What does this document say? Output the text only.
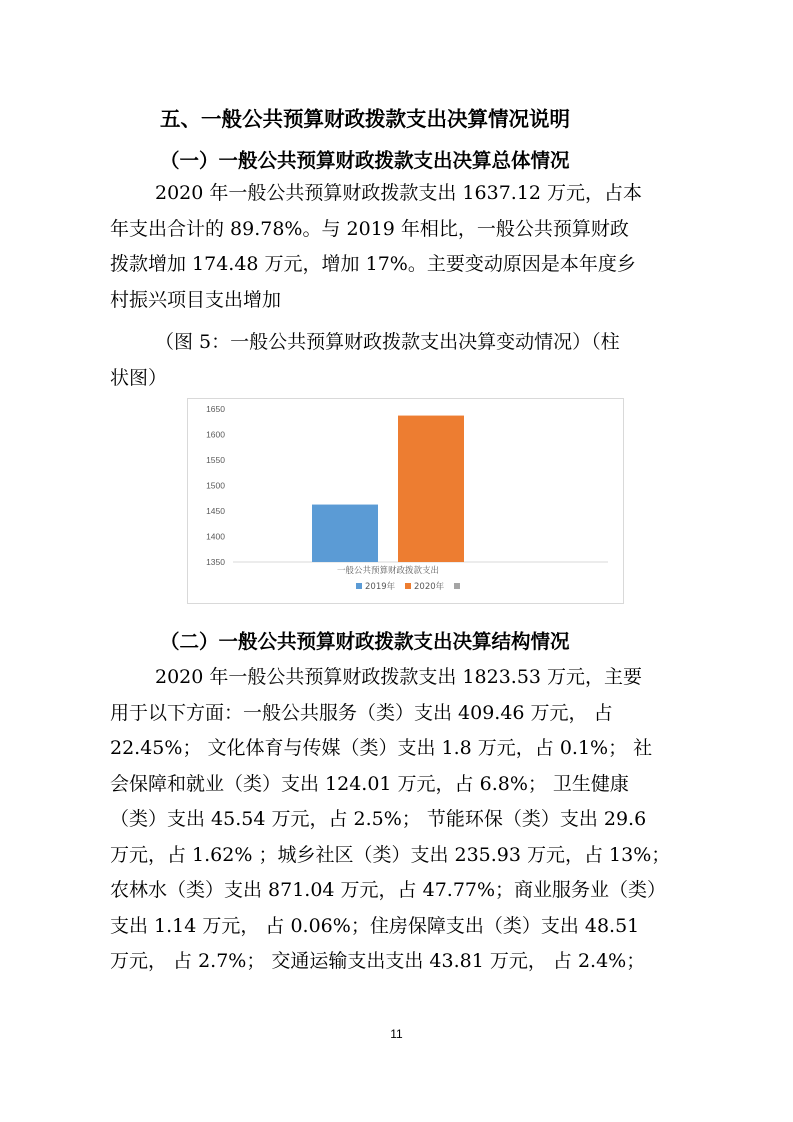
五、一般公共预算财政拨款支出决算情况说明
（一）一般公共预算财政拨款支出决算总体情况
2020 年一般公共预算财政拨款支出 1637.12 万元，占本
年支出合计的 89.78%。与 2019 年相比，一般公共预算财政
拨款增加 174.48 万元，增加 17%。主要变动原因是本年度乡
村振兴项目支出增加
（图 5：一般公共预算财政拨款支出决算变动情况）（柱
状图）
1650
1600
1550
1500
1450
1400
1350
一般公共预算财政拨款支出
2019年 2020年
（二）一般公共预算财政拨款支出决算结构情况
2020 年一般公共预算财政拨款支出 1823.53 万元，主要
用于以下方面：一般公共服务（类）支出 409.46 万元， 占
22.45%； 文化体育与传媒（类）支出 1.8 万元，占 0.1%； 社
会保障和就业（类）支出 124.01 万元，占 6.8%； 卫生健康
（类）支出 45.54 万元，占 2.5%； 节能环保（类）支出 29.6
万元，占 1.62% ；城乡社区（类）支出 235.93 万元，占 13%；
农林水（类）支出 871.04 万元，占 47.77%；商业服务业（类）
支出 1.14 万元， 占 0.06%；住房保障支出（类）支出 48.51
万元， 占 2.7%； 交通运输支出支出 43.81 万元， 占 2.4%；
11
